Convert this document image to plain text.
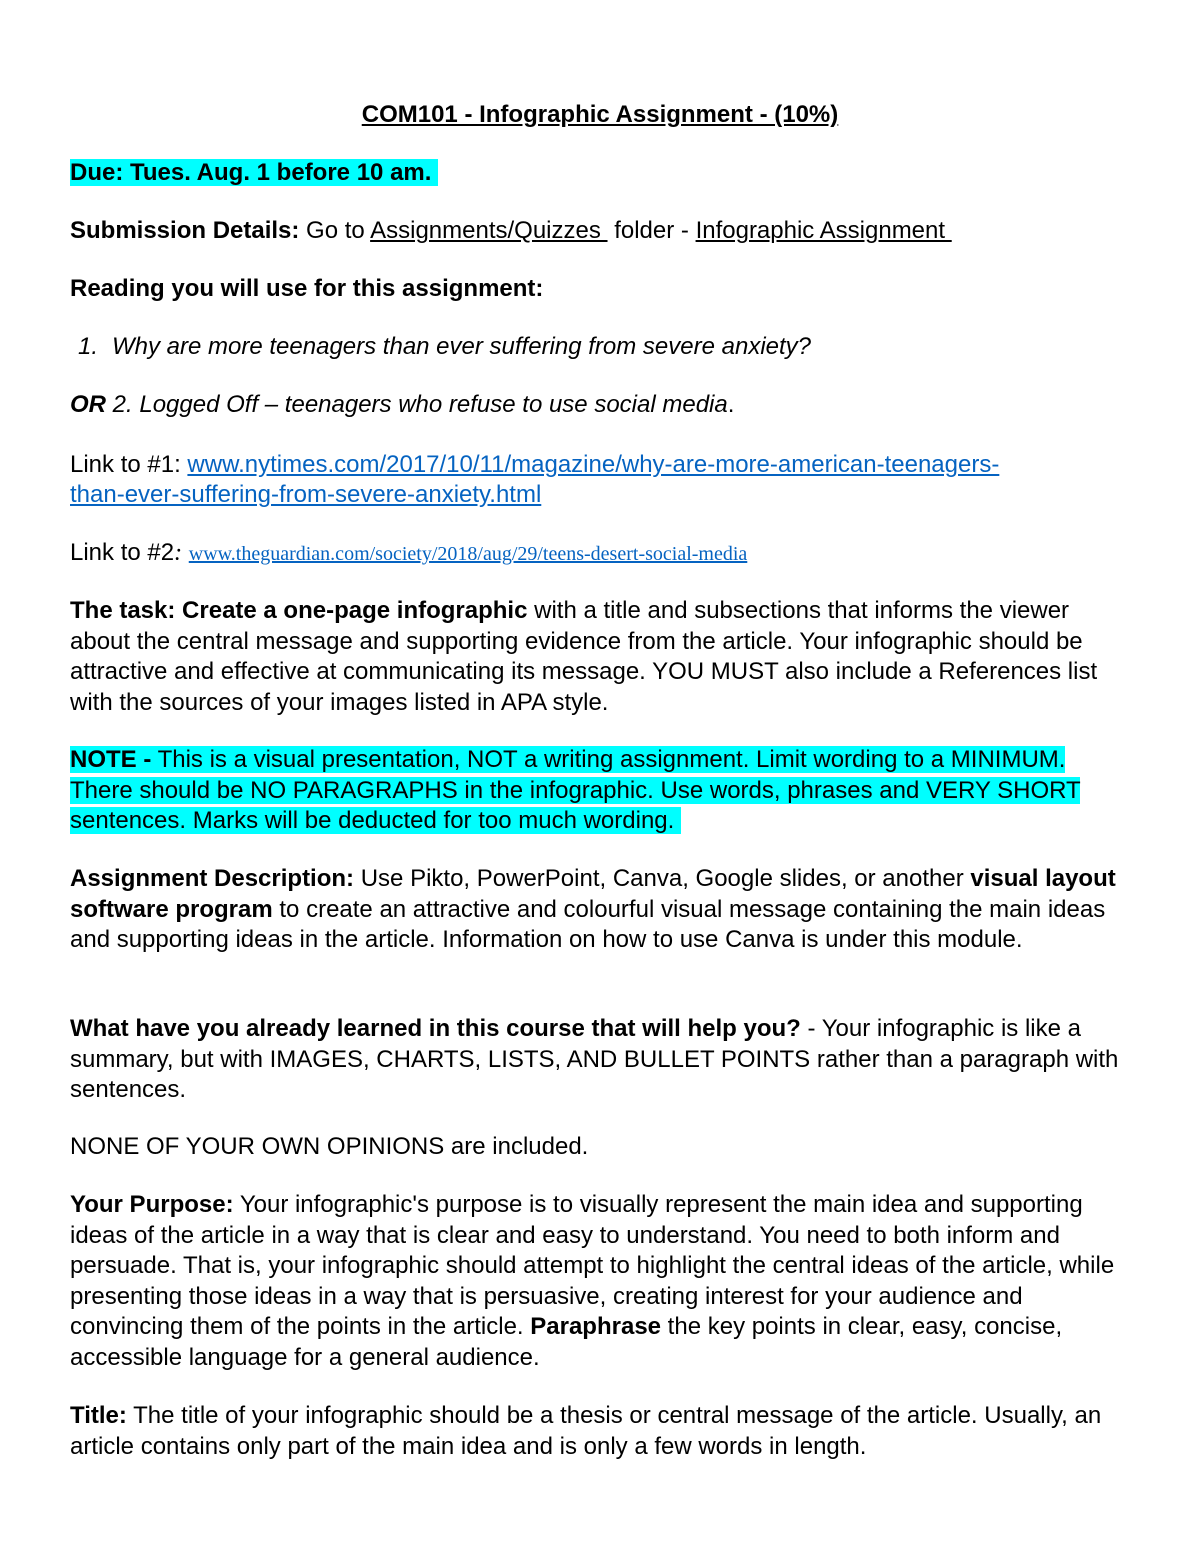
COM101 - Infographic Assignment - (10%)
Due: Tues. Aug. 1 before 10 am.
Submission Details: Go to Assignments/Quizzes  folder - Infographic Assignment
Reading you will use for this assignment:
1. Why are more teenagers than ever suffering from severe anxiety?
OR 2. Logged Off – teenagers who refuse to use social media.
Link to #1: www.nytimes.com/2017/10/11/magazine/why-are-more-american-teenagers-
than-ever-suffering-from-severe-anxiety.html
Link to #2: www.theguardian.com/society/2018/aug/29/teens-desert-social-media
The task: Create a one-page infographic with a title and subsections that informs the viewer about the central message and supporting evidence from the article. Your infographic should be attractive and effective at communicating its message. YOU MUST also include a References list with the sources of your images listed in APA style.
NOTE - This is a visual presentation, NOT a writing assignment. Limit wording to a MINIMUM. There should be NO PARAGRAPHS in the infographic. Use words, phrases and VERY SHORT sentences. Marks will be deducted for too much wording.
Assignment Description: Use Pikto, PowerPoint, Canva, Google slides, or another visual layout software program to create an attractive and colourful visual message containing the main ideas and supporting ideas in the article. Information on how to use Canva is under this module.
What have you already learned in this course that will help you? - Your infographic is like a summary, but with IMAGES, CHARTS, LISTS, AND BULLET POINTS rather than a paragraph with sentences.
NONE OF YOUR OWN OPINIONS are included.
Your Purpose: Your infographic's purpose is to visually represent the main idea and supporting ideas of the article in a way that is clear and easy to understand. You need to both inform and persuade. That is, your infographic should attempt to highlight the central ideas of the article, while presenting those ideas in a way that is persuasive, creating interest for your audience and convincing them of the points in the article. Paraphrase the key points in clear, easy, concise, accessible language for a general audience.
Title: The title of your infographic should be a thesis or central message of the article. Usually, an article contains only part of the main idea and is only a few words in length.
